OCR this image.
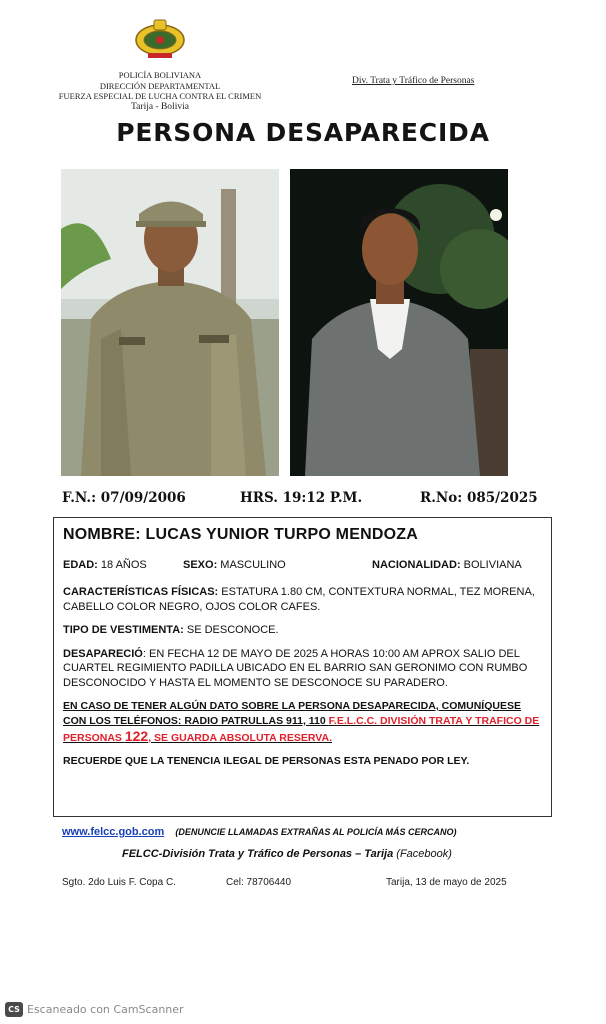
POLICÍA BOLIVIANA
DIRECCIÓN DEPARTAMENTAL
FUERZA ESPECIAL DE LUCHA CONTRA EL CRIMEN
Tarija - Bolivia
Div. Trata y Tráfico de Personas
PERSONA DESAPARECIDA
F.N.: 07/09/2006	HRS. 19:12 P.M.	R.No: 085/2025
NOMBRE: LUCAS YUNIOR TURPO MENDOZA
EDAD: 18 AÑOS	SEXO: MASCULINO	NACIONALIDAD: BOLIVIANA
CARACTERÍSTICAS FÍSICAS: ESTATURA 1.80 CM, CONTEXTURA NORMAL, TEZ MORENA, CABELLO COLOR NEGRO, OJOS COLOR CAFES.
TIPO DE VESTIMENTA: SE DESCONOCE.
DESAPARECIÓ: EN FECHA 12 DE MAYO DE 2025 A HORAS 10:00 AM APROX SALIO DEL CUARTEL REGIMIENTO PADILLA UBICADO EN EL BARRIO SAN GERONIMO CON RUMBO DESCONOCIDO Y HASTA EL MOMENTO SE DESCONOCE SU PARADERO.
EN CASO DE TENER ALGÚN DATO SOBRE LA PERSONA DESAPARECIDA, COMUNÍQUESE CON LOS TELÉFONOS: RADIO PATRULLAS 911, 110 F.E.L.C.C. DIVISIÓN TRATA Y TRAFICO DE PERSONAS 122, SE GUARDA ABSOLUTA RESERVA.
RECUERDE QUE LA TENENCIA ILEGAL DE PERSONAS ESTA PENADO POR LEY.
www.felcc.gob.com (DENUNCIE LLAMADAS EXTRAÑAS AL POLICÍA MÁS CERCANO)
FELCC-División Trata y Tráfico de Personas – Tarija (Facebook)
Sgto. 2do Luis F. Copa C.	Cel: 78706440	Tarija, 13 de mayo de 2025
CS Escaneado con CamScanner
